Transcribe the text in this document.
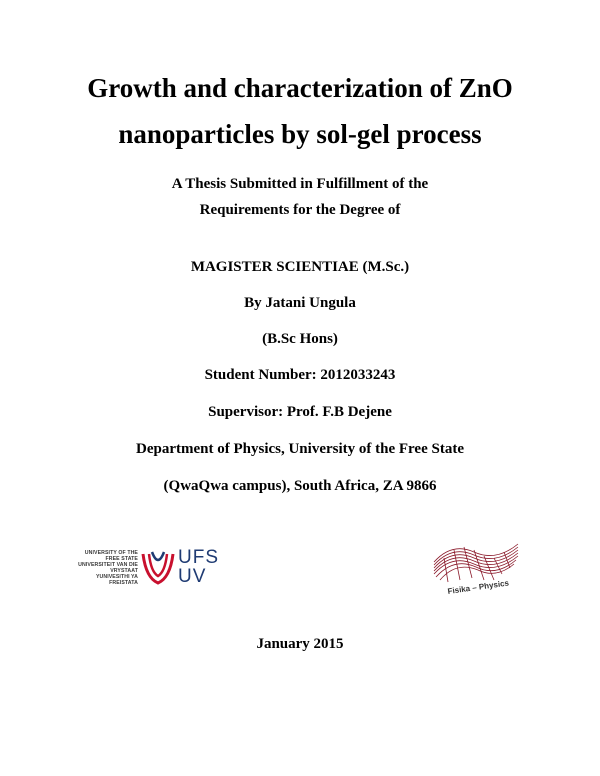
Growth and characterization of ZnO
nanoparticles by sol-gel process
A Thesis Submitted in Fulfillment of the
Requirements for the Degree of
MAGISTER SCIENTIAE (M.Sc.)
By Jatani Ungula
(B.Sc Hons)
Student Number: 2012033243
Supervisor: Prof. F.B Dejene
Department of Physics, University of the Free State
(QwaQwa campus), South Africa, ZA 9866
UNIVERSITY OF THE
FREE STATE
UNIVERSITEIT VAN DIE
VRYSTAAT
YUNIVESITHI YA
FREISTATA
UFS
UV
Fisika – Physics
January 2015
